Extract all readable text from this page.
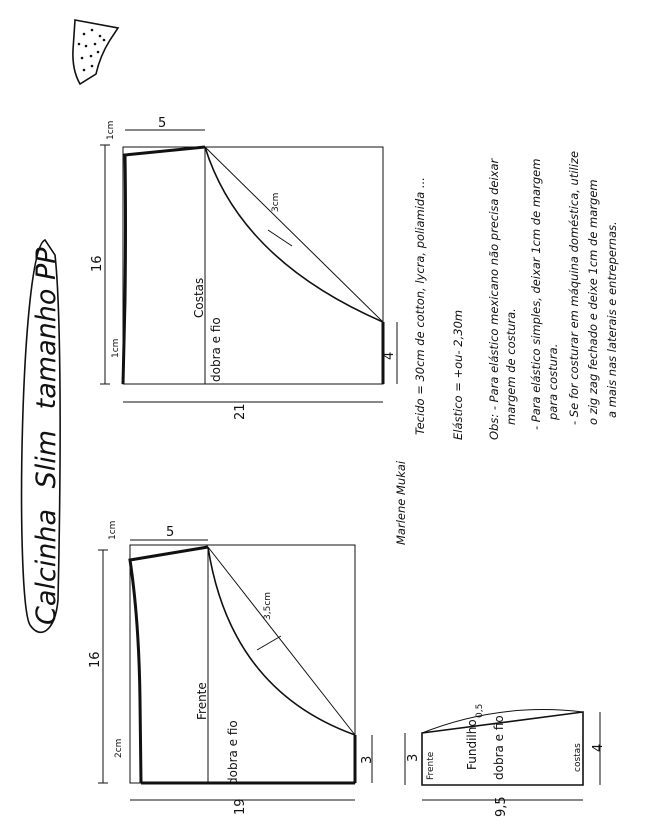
Calcinha Slim tamanho PP
1cm	5
16
1cm
21
4
3cm
Costas
dobra e fio
1cm	5
16
2cm
19
3
3,5cm
Frente
dobra e fio	3
4
9,5
0,5
Frente Fundilho dobra e fio	costas
Marlene Mukai
Tecido = 30cm de cotton, lycra, poliamida ... Elástico = +ou- 2,30m Obs: - Para elástico mexicano não precisa deixar margem de costura. - Para elástico simples, deixar 1cm de margem para costura. - Se for costurar em máquina doméstica, utilize o zig zag fechado e deixe 1cm de margem a mais nas laterais e entrepernas.
